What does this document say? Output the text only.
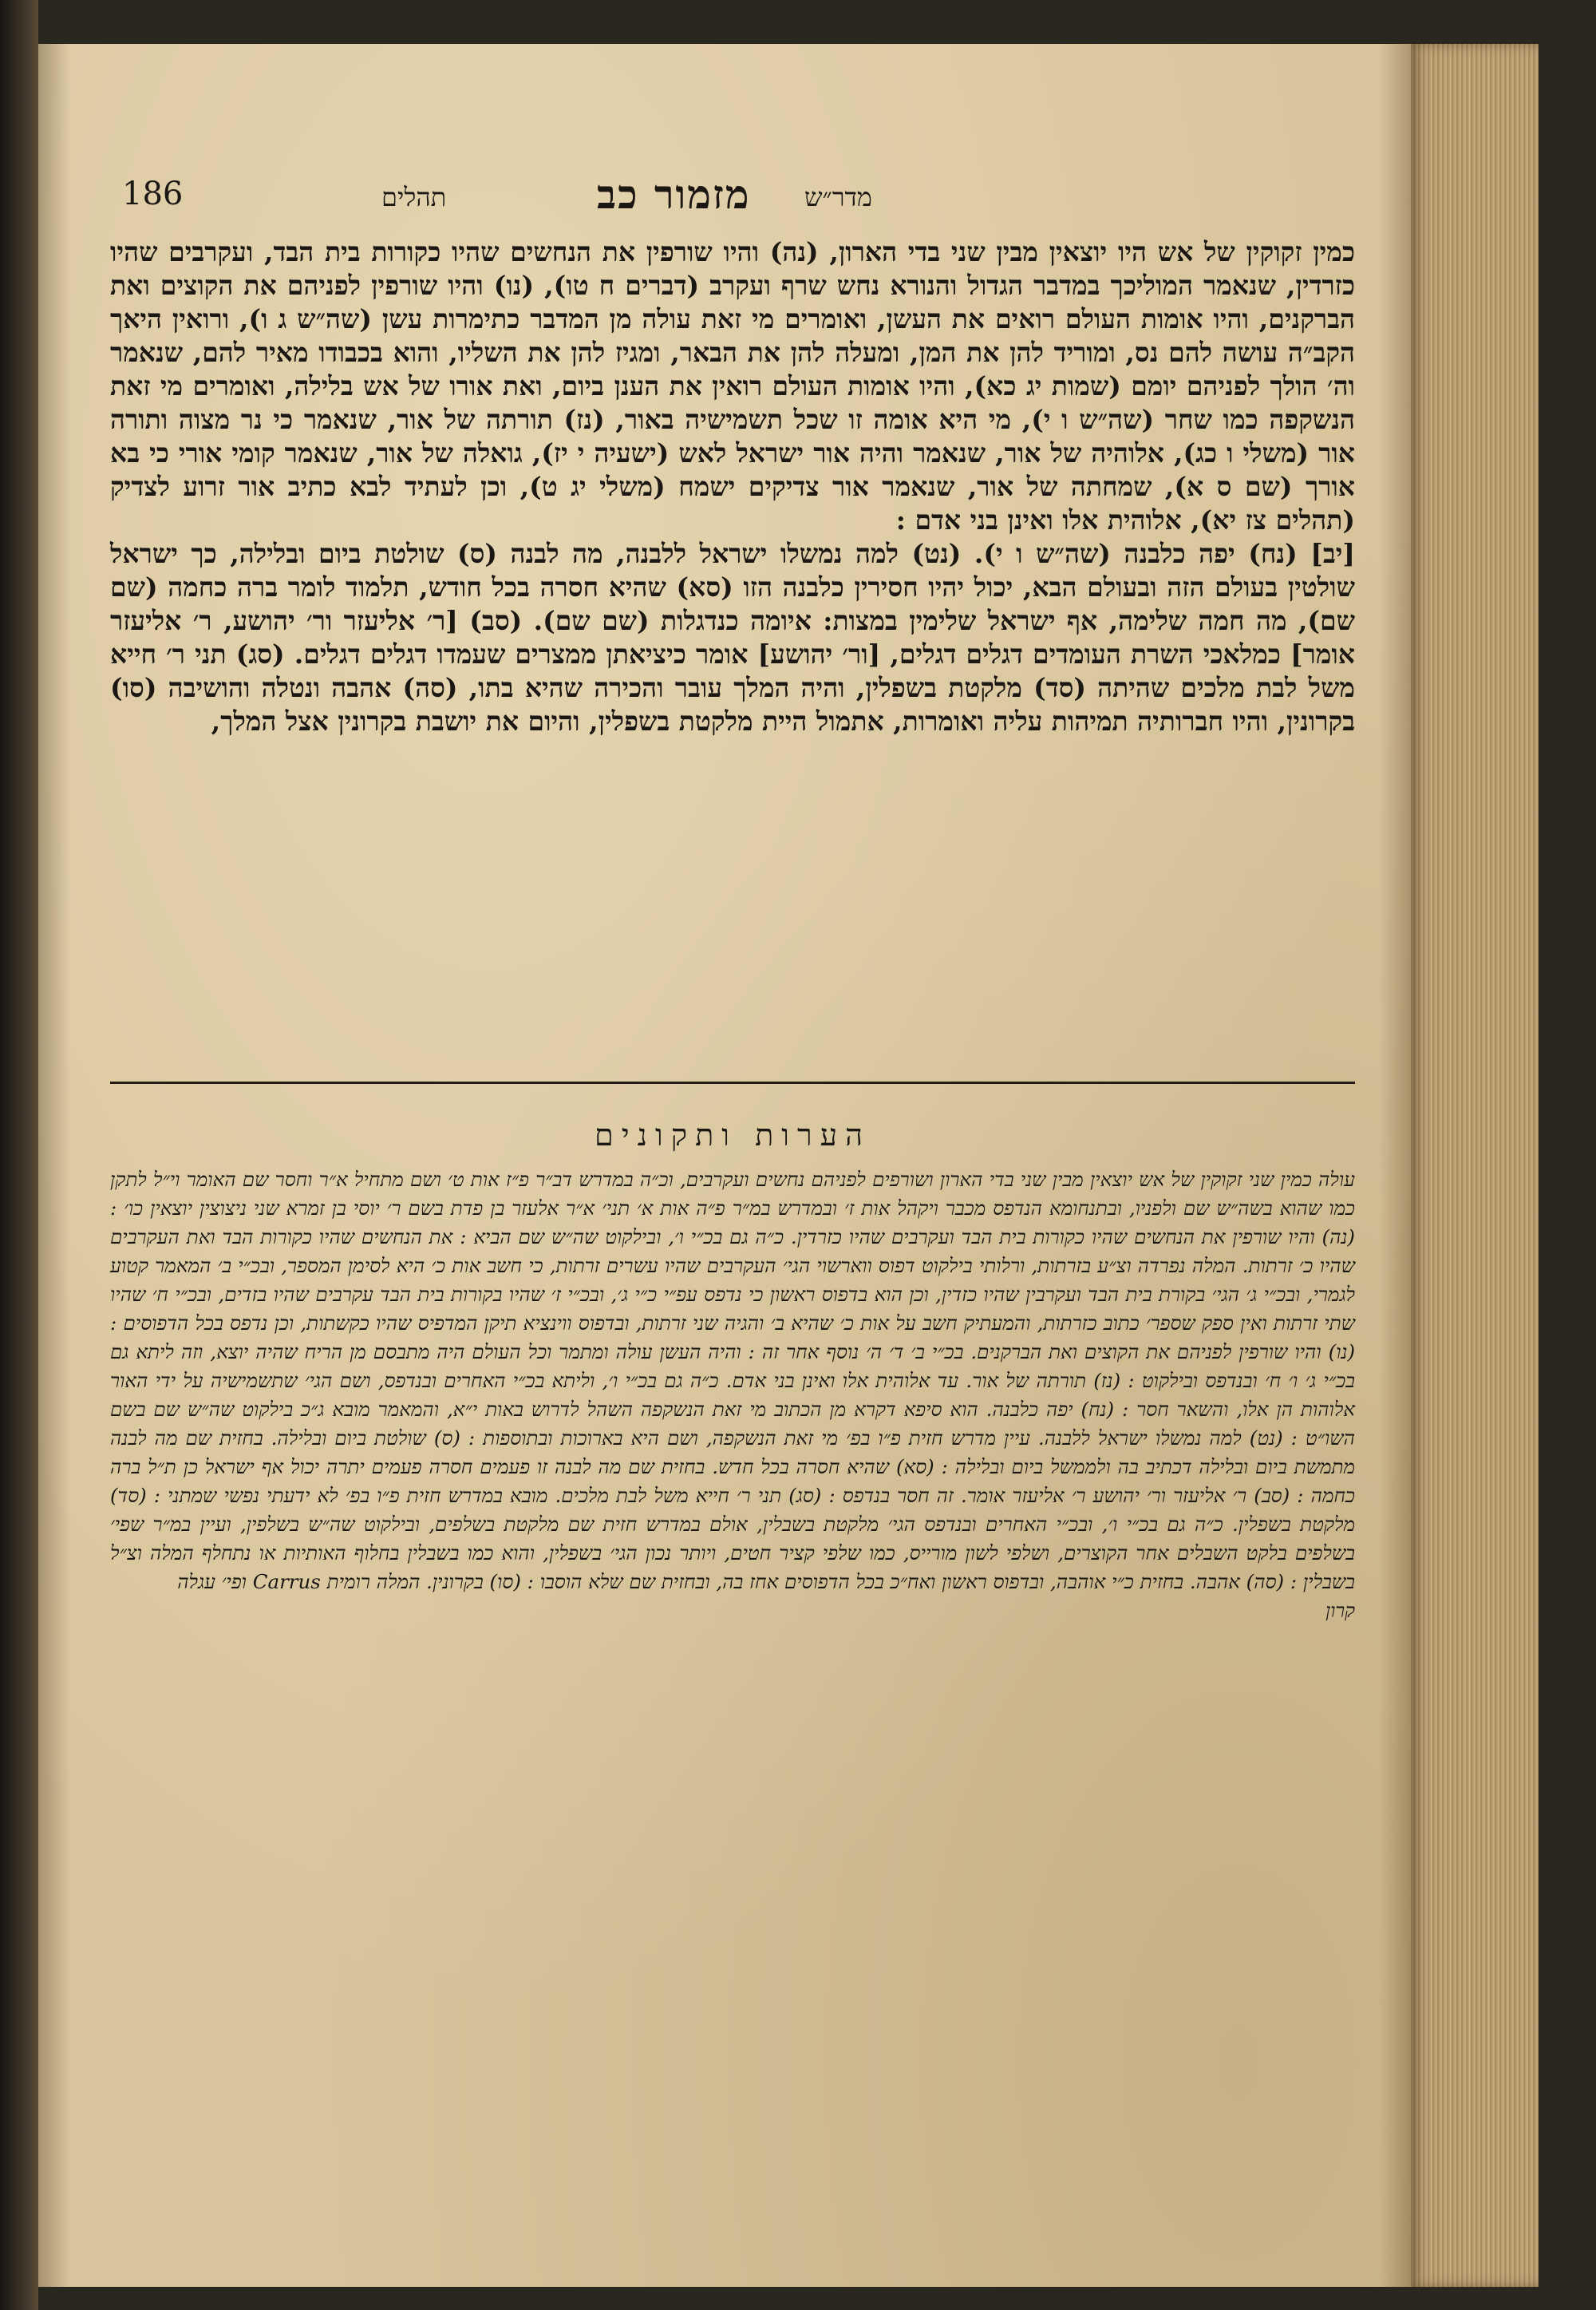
186	תהלים	מזמור כב מדר״ש

כמין זקוקין של אש היו יוצאין מבין שני בדי הארון, (נה) והיו שורפין את הנחשים שהיו כקורות בית הבד, ועקרבים שהיו כזרדין, שנאמר המוליכך במדבר הגדול והנורא נחש שרף ועקרב (דברים ח טו), (נו) והיו שורפין לפניהם את הקוצים ואת הברקנים, והיו אומות העולם רואים את העשן, ואומרים מי זאת עולה מן המדבר כתימרות עשן (שה״ש ג ו), ורואין היאך הקב״ה עושה להם נס, ומוריד להן את המן, ומעלה להן את הבאר, ומגיז להן את השליו, והוא בכבודו מאיר להם, שנאמר וה׳ הולך לפניהם יומם (שמות יג כא), והיו אומות העולם רואין את הענן ביום, ואת אורו של אש בלילה, ואומרים מי זאת הנשקפה כמו שחר (שה״ש ו י), מי היא אומה זו שכל תשמישיה באור, (נז) תורתה של אור, שנאמר כי נר מצוה ותורה אור (משלי ו כג), אלוהיה של אור, שנאמר והיה אור ישראל לאש (ישעיה י יז), גואלה של אור, שנאמר קומי אורי כי בא אורך (שם ס א), שמחתה של אור, שנאמר אור צדיקים ישמח (משלי יג ט), וכן לעתיד לבא כתיב אור זרוע לצדיק (תהלים צז יא), אלוהית אלו ואינן בני אדם :

[יב] (נח) יפה כלבנה (שה״ש ו י). (נט) למה נמשלו ישראל ללבנה, מה לבנה (ס) שולטת ביום ובלילה, כך ישראל שולטין בעולם הזה ובעולם הבא, יכול יהיו חסירין כלבנה הזו (סא) שהיא חסרה בכל חודש, תלמוד לומר ברה כחמה (שם שם), מה חמה שלימה, אף ישראל שלימין במצות: איומה כנדגלות (שם שם). (סב) [ר׳ אליעזר ור׳ יהושע, ר׳ אליעזר אומר] כמלאכי השרת העומדים דגלים דגלים, [ור׳ יהושע] אומר כיציאתן ממצרים שעמדו דגלים דגלים. (סג) תני ר׳ חייא משל לבת מלכים שהיתה (סד) מלקטת בשפלין, והיה המלך עובר והכירה שהיא בתו, (סה) אהבה ונטלה והושיבה (סו) בקרונין, והיו חברותיה תמיהות עליה ואומרות, אתמול היית מלקטת בשפלין, והיום את יושבת בקרונין אצל המלך,

הערות ותקונים

עולה כמין שני זקוקין של אש יוצאין מבין שני בדי הארון ושורפים לפניהם נחשים ועקרבים, וכ״ה במדרש דב״ר פ״ז אות ט׳ ושם מתחיל א״ר וחסר שם האומר וי״ל לתקן כמו שהוא בשה״ש שם ולפניו, ובתנחומא הנדפס מכבר ויקהל אות ז׳ ובמדרש במ״ר פ״ה אות א׳ תני׳ א״ר אלעזר בן פדת בשם ר׳ יוסי בן זמרא שני ניצוצין יוצאין כו׳ : (נה) והיו שורפין את הנחשים שהיו כקורות בית הבד ועקרבים שהיו כזרדין. כ״ה גם בכ״י ו׳, ובילקוט שה״ש שם הביא : את הנחשים שהיו כקורות הבד ואת העקרבים שהיו כ׳ זרתות. המלה נפרדה וצ״ע בזרתות, ורלותי בילקוט דפוס ווארשוי הגי׳ העקרבים שהיו עשרים זרתות, כי חשב אות כ׳ היא לסימן המספר, ובכ״י ב׳ המאמר קטוע לגמרי, ובכ״י ג׳ הגי׳ בקורת בית הבד ועקרבין שהיו כזדין, וכן הוא בדפוס ראשון כי נדפס עפ״י כ״י ג׳, ובכ״י ז׳ שהיו בקורות בית הבד עקרבים שהיו בזדים, ובכ״י ח׳ שהיו שתי זרתות ואין ספק שספר׳ כתוב כזרתות, והמעתיק חשב על אות כ׳ שהיא ב׳ והגיה שני זרתות, ובדפוס ווינציא תיקן המדפיס שהיו כקשתות, וכן נדפס בכל הדפוסים : (נו) והיו שורפין לפניהם את הקוצים ואת הברקנים. בכ״י ב׳ ד׳ ה׳ נוסף אחר זה : והיה העשן עולה ומתמר וכל העולם היה מתבסם מן הריח שהיה יוצא, וזה ליתא גם בכ״י ג׳ ו׳ ח׳ ובנדפס ובילקוט : (נז) תורתה של אור. עד אלוהית אלו ואינן בני אדם. כ״ה גם בכ״י ו׳, וליתא בכ״י האחרים ובנדפס, ושם הגי׳ שתשמישיה על ידי האור אלוהות הן אלו, והשאר חסר : (נח) יפה כלבנה. הוא סיפא דקרא מן הכתוב מי זאת הנשקפה השהל לדרוש באות י״א, והמאמר מובא ג״כ בילקוט שה״ש שם בשם השו״ט : (נט) למה נמשלו ישראל ללבנה. עיין מדרש חזית פ״ו בפ׳ מי זאת הנשקפה, ושם היא בארוכות ובתוספות : (ס) שולטת ביום ובלילה. בחזית שם מה לבנה מתמשת ביום ובלילה דכתיב בה ולממשל ביום ובלילה : (סא) שהיא חסרה בכל חדש. בחזית שם מה לבנה זו פעמים חסרה פעמים יתרה יכול אף ישראל כן ת״ל ברה כחמה : (סב) ר׳ אליעזר ור׳ יהושע ר׳ אליעזר אומר. זה חסר בנדפס : (סג) תני ר׳ חייא משל לבת מלכים. מובא במדרש חזית פ״ו בפ׳ לא ידעתי נפשי שמתני : (סד) מלקטת בשפלין. כ״ה גם בכ״י ו׳, ובכ״י האחרים ובנדפס הגי׳ מלקטת בשבלין, אולם במדרש חזית שם מלקטת בשלפים, ובילקוט שה״ש בשלפין, ועיין במ״ר שפי׳ בשלפים בלקט השבלים אחר הקוצרים, ושלפי לשון מורייס, כמו שלפי קציר חטים, ויותר נכון הגי׳ בשפלין, והוא כמו בשבלין בחלוף האותיות או נתחלף המלה וצ״ל בשבלין : (סה) אהבה. בחזית כ״י אוהבה, ובדפוס ראשון ואח״כ בכל הדפוסים אחז בה, ובחזית שם שלא הוסבו : (סו) בקרונין. המלה רומית Carrus ופי׳ עגלה

קרון
